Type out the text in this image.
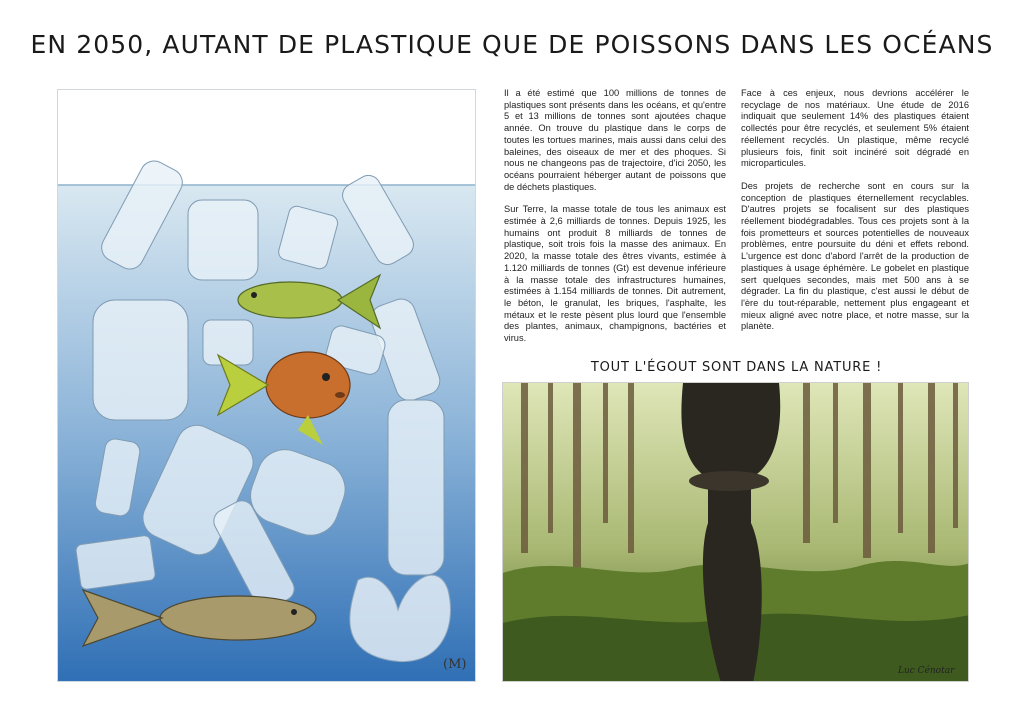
EN 2050, AUTANT DE PLASTIQUE QUE DE POISSONS DANS LES OCÉANS
(M)

Il a été estimé que 100 millions de tonnes de plastiques sont présents dans les océans, et qu'entre 5 et 13 millions de tonnes sont ajoutées chaque année. On trouve du plastique dans le corps de toutes les tortues marines, mais aussi dans celui des baleines, des oiseaux de mer et des phoques. Si nous ne changeons pas de trajectoire, d'ici 2050, les océans pourraient héberger autant de poissons que de déchets plastiques.

Sur Terre, la masse totale de tous les animaux est estimée à 2,6 milliards de tonnes. Depuis 1925, les humains ont produit 8 milliards de tonnes de plastique, soit trois fois la masse des animaux. En 2020, la masse totale des êtres vivants, estimée à 1.120 milliards de tonnes (Gt) est devenue inférieure à la masse totale des infrastructures humaines, estimées à 1.154 milliards de tonnes. Dit autrement, le béton, le granulat, les briques, l'asphalte, les métaux et le reste pèsent plus lourd que l'ensemble des plantes, animaux, champignons, bactéries et virus.

Face à ces enjeux, nous devrions accélérer le recyclage de nos matériaux. Une étude de 2016 indiquait que seulement 14% des plastiques étaient collectés pour être recyclés, et seulement 5% étaient réellement recyclés. Un plastique, même recyclé plusieurs fois, finit soit incinéré soit dégradé en microparticules.

Des projets de recherche sont en cours sur la conception de plastiques éternellement recyclables. D'autres projets se focalisent sur des plastiques réellement biodégradables. Tous ces projets sont à la fois prometteurs et sources potentielles de nouveaux problèmes, entre poursuite du déni et effets rebond. L'urgence est donc d'abord l'arrêt de la production de plastiques à usage éphémère. Le gobelet en plastique sert quelques secondes, mais met 500 ans à se dégrader. La fin du plastique, c'est aussi le début de l'ère du tout-réparable, nettement plus engageant et mieux aligné avec notre place, et notre masse, sur la planète.

TOUT L'ÉGOUT SONT DANS LA NATURE !
Luc Cénotar
